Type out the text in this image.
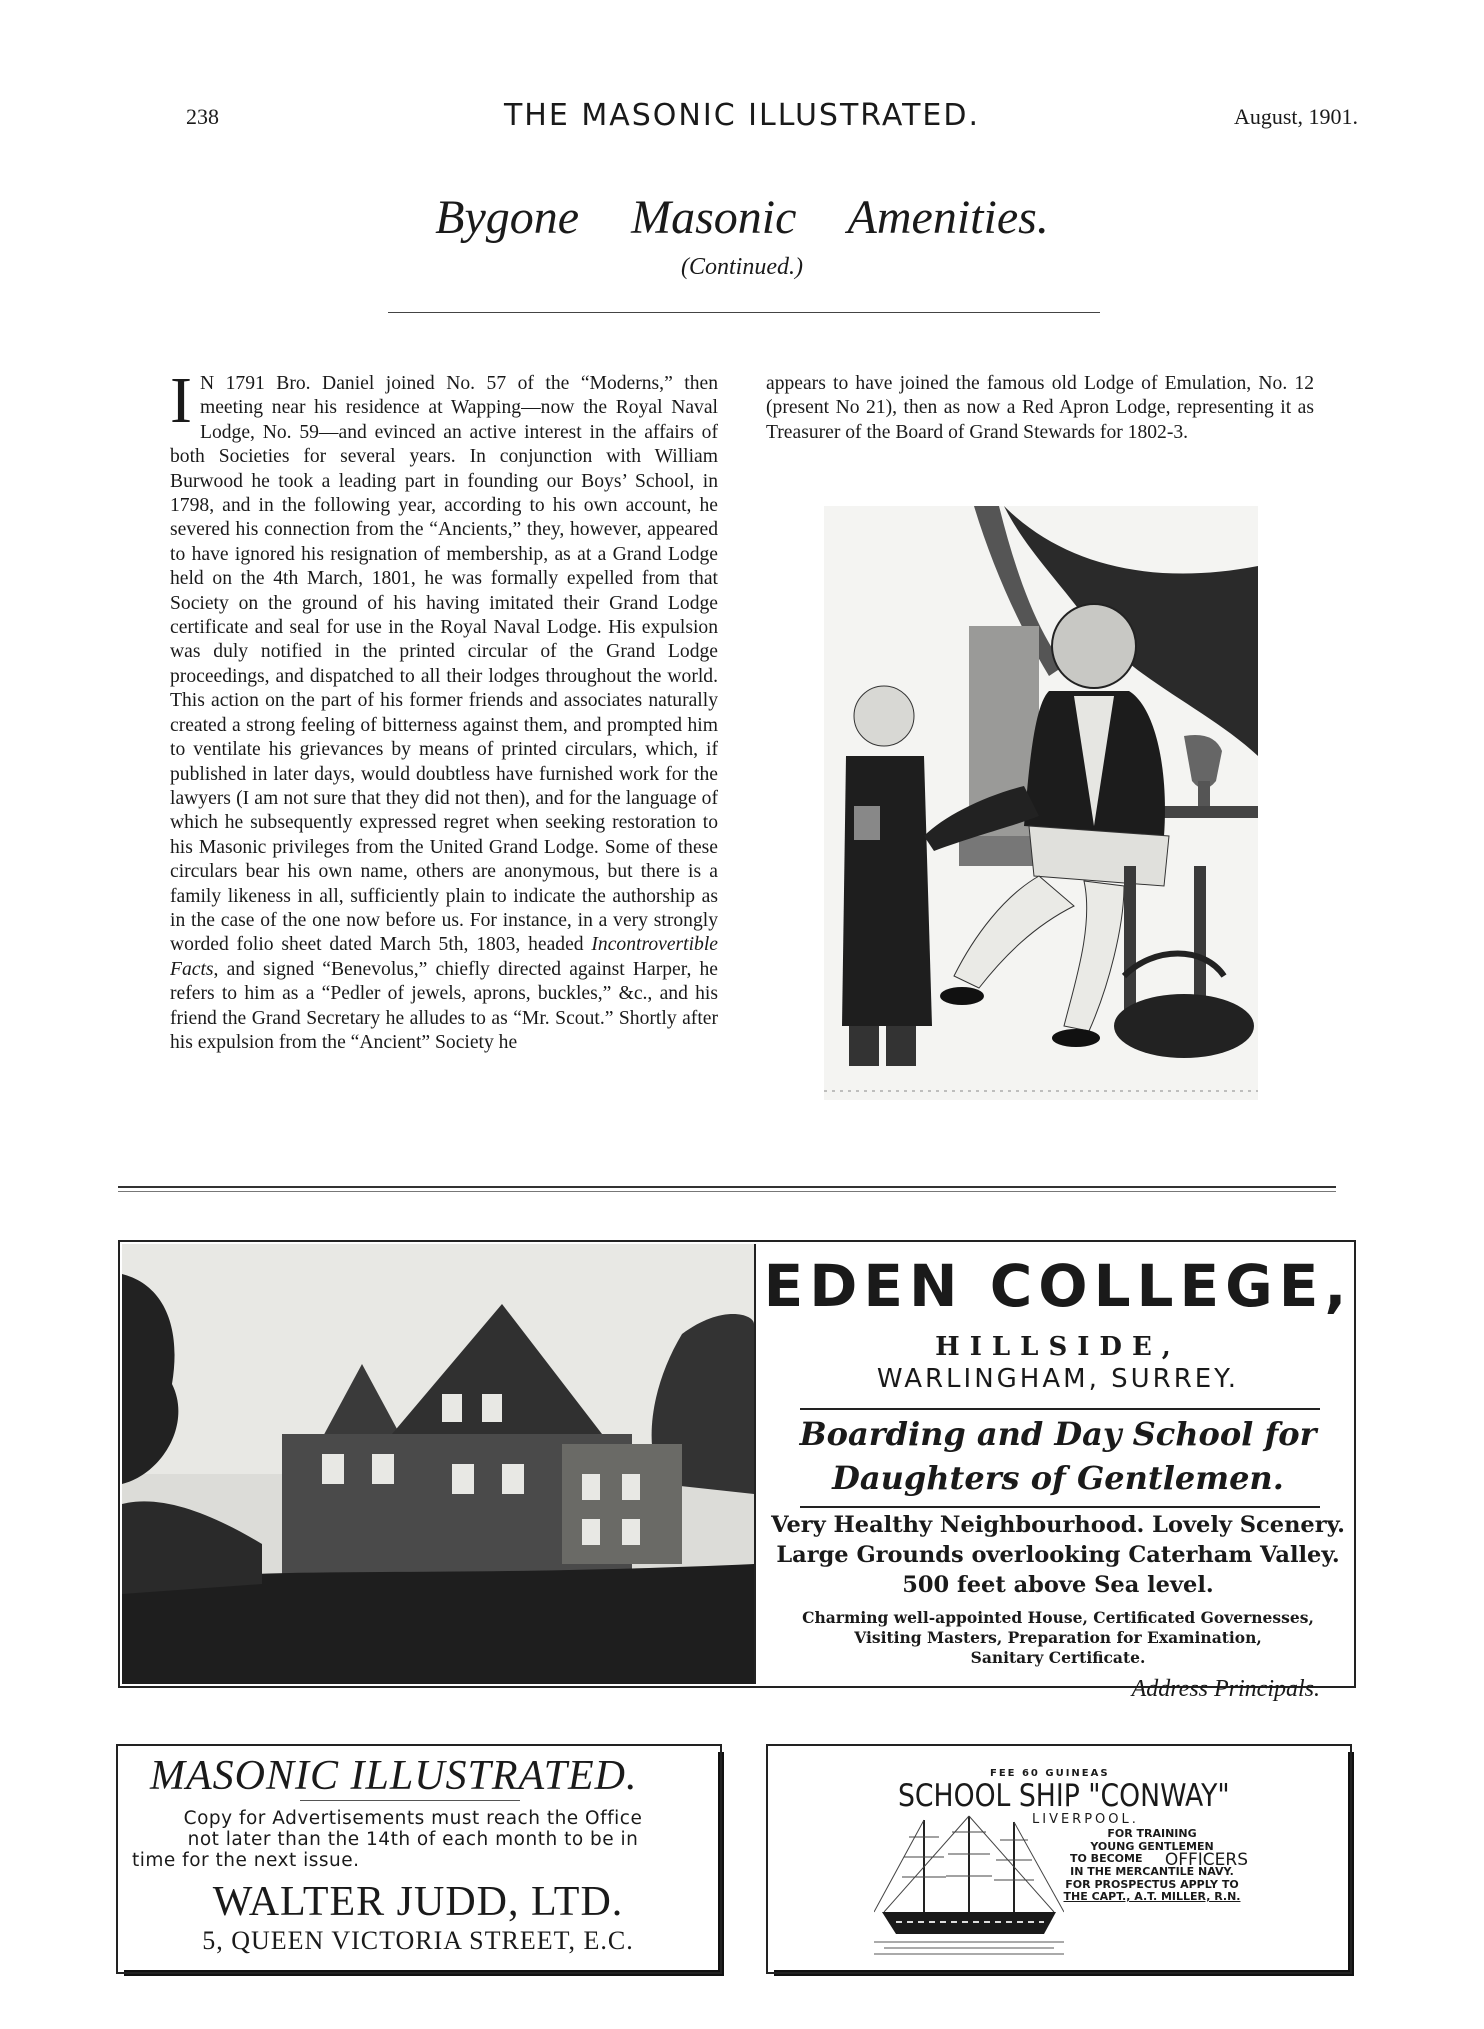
238	THE MASONIC ILLUSTRATED.	August, 1901.
Bygone Masonic Amenities.
(Continued.)
I N 1791 Bro. Daniel joined No. 57 of the “Moderns,” then meeting near his residence at Wapping—now the Royal Naval Lodge, No. 59—and evinced an active interest in the affairs of both Societies for several years. In conjunction with William Burwood he took a leading part in founding our Boys’ School, in 1798, and in the following year, according to his own account, he severed his connection from the “Ancients,” they, however, appeared to have ignored his resignation of membership, as at a Grand Lodge held on the 4th March, 1801, he was formally expelled from that Society on the ground of his having imitated their Grand Lodge certificate and seal for use in the Royal Naval Lodge. His expulsion was duly notified in the printed circular of the Grand Lodge proceedings, and dispatched to all their lodges throughout the world. This action on the part of his former friends and associates naturally created a strong feeling of bitterness against them, and prompted him to ventilate his grievances by means of printed circulars, which, if published in later days, would doubtless have furnished work for the lawyers (I am not sure that they did not then), and for the language of which he subsequently expressed regret when seeking restoration to his Masonic privileges from the United Grand Lodge. Some of these circulars bear his own name, others are anonymous, but there is a family likeness in all, sufficiently plain to indicate the authorship as in the case of the one now before us. For instance, in a very strongly worded folio sheet dated March 5th, 1803, headed Incontrovertible Facts, and signed “Benevolus,” chiefly directed against Harper, he refers to him as a “Pedler of jewels, aprons, buckles,” &c., and his friend the Grand Secretary he alludes to as “Mr. Scout.” Shortly after his expulsion from the “Ancient” Society he
appears to have joined the famous old Lodge of Emulation, No. 12 (present No 21), then as now a Red Apron Lodge, representing it as Treasurer of the Board of Grand Stewards for 1802-3.
EDEN COLLEGE,
HILLSIDE,
WARLINGHAM, SURREY.
Boarding and Day School for
Daughters of Gentlemen.
Very Healthy Neighbourhood. Lovely Scenery.
Large Grounds overlooking Caterham Valley.
500 feet above Sea level.
Charming well-appointed House, Certificated Governesses,
Visiting Masters, Preparation for Examination,
Sanitary Certificate.
Address Principals.
MASONIC ILLUSTRATED.
Copy for Advertisements must reach the Office
not later than the 14th of each month to be in
time for the next issue.
WALTER JUDD, LTD.
5, QUEEN VICTORIA STREET, E.C.
FEE 60 GUINEAS
SCHOOL SHIP "CONWAY"
LIVERPOOL.
FOR TRAINING
YOUNG GENTLEMEN
TO BECOME	OFFICERS
IN THE MERCANTILE NAVY.
FOR PROSPECTUS APPLY TO
THE CAPT., A.T. MILLER, R.N.
